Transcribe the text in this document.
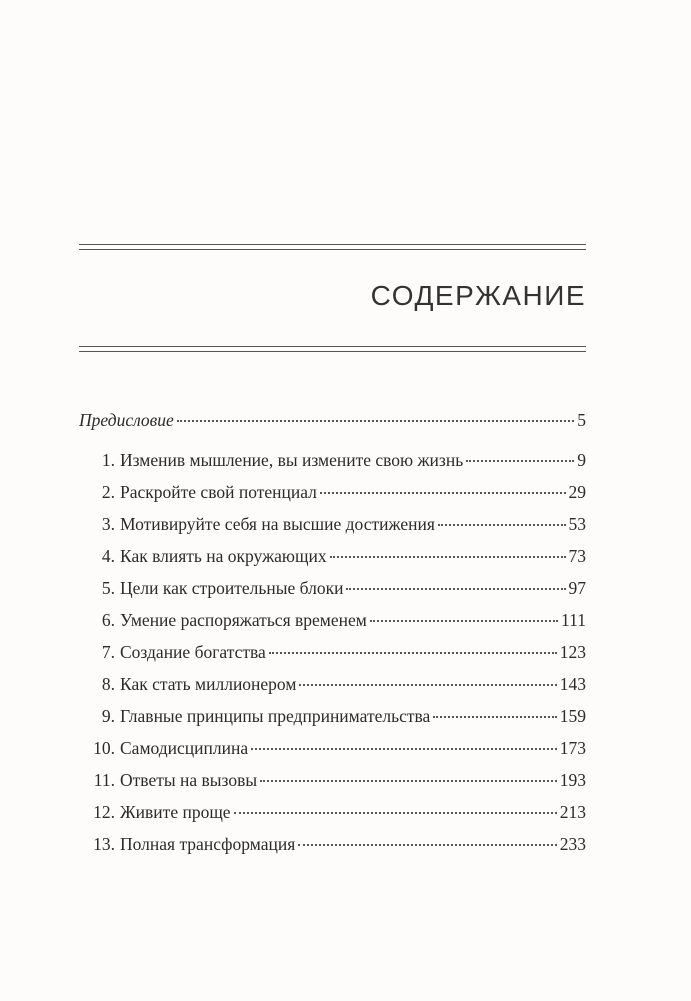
СОДЕРЖАНИЕ
Предисловие	5
1. Изменив мышление, вы измените свою жизнь	9
2. Раскройте свой потенциал	29
3. Мотивируйте себя на высшие достижения	53
4. Как влиять на окружающих	73
5. Цели как строительные блоки	97
6. Умение распоряжаться временем	111
7. Создание богатства	123
8. Как стать миллионером	143
9. Главные принципы предпринимательства	159
10. Самодисциплина	173
11. Ответы на вызовы	193
12. Живите проще	213
13. Полная трансформация	233
